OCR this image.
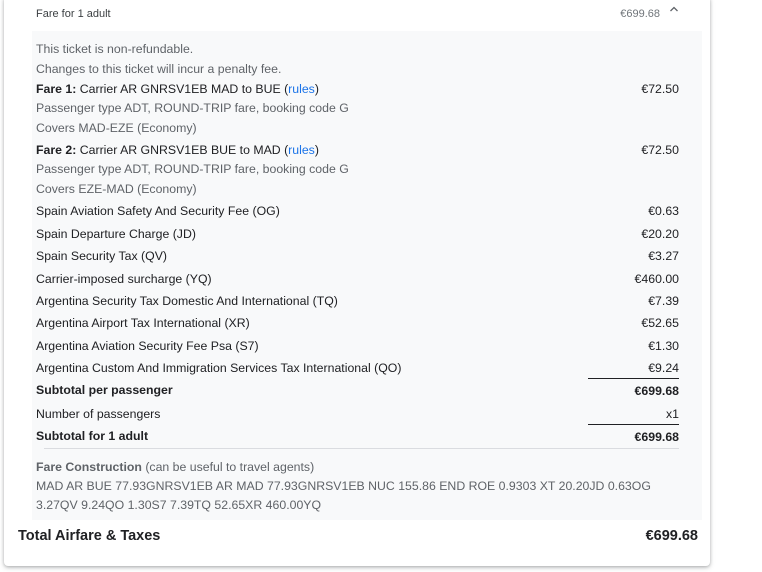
Fare for 1 adult	€699.68
This ticket is non-refundable.
Changes to this ticket will incur a penalty fee.
Fare 1: Carrier AR GNRSV1EB MAD to BUE (rules)	€72.50
Passenger type ADT, ROUND-TRIP fare, booking code G
Covers MAD-EZE (Economy)
Fare 2: Carrier AR GNRSV1EB BUE to MAD (rules)	€72.50
Passenger type ADT, ROUND-TRIP fare, booking code G
Covers EZE-MAD (Economy)
Spain Aviation Safety And Security Fee (OG)	€0.63
Spain Departure Charge (JD)	€20.20
Spain Security Tax (QV)	€3.27
Carrier-imposed surcharge (YQ)	€460.00
Argentina Security Tax Domestic And International (TQ)	€7.39
Argentina Airport Tax International (XR)	€52.65
Argentina Aviation Security Fee Psa (S7)	€1.30
Argentina Custom And Immigration Services Tax International (QO)	€9.24
Subtotal per passenger	€699.68
Number of passengers	x1
Subtotal for 1 adult	€699.68
Fare Construction (can be useful to travel agents)
MAD AR BUE 77.93GNRSV1EB AR MAD 77.93GNRSV1EB NUC 155.86 END ROE 0.9303 XT 20.20JD 0.63OG
3.27QV 9.24QO 1.30S7 7.39TQ 52.65XR 460.00YQ
Total Airfare & Taxes	€699.68
